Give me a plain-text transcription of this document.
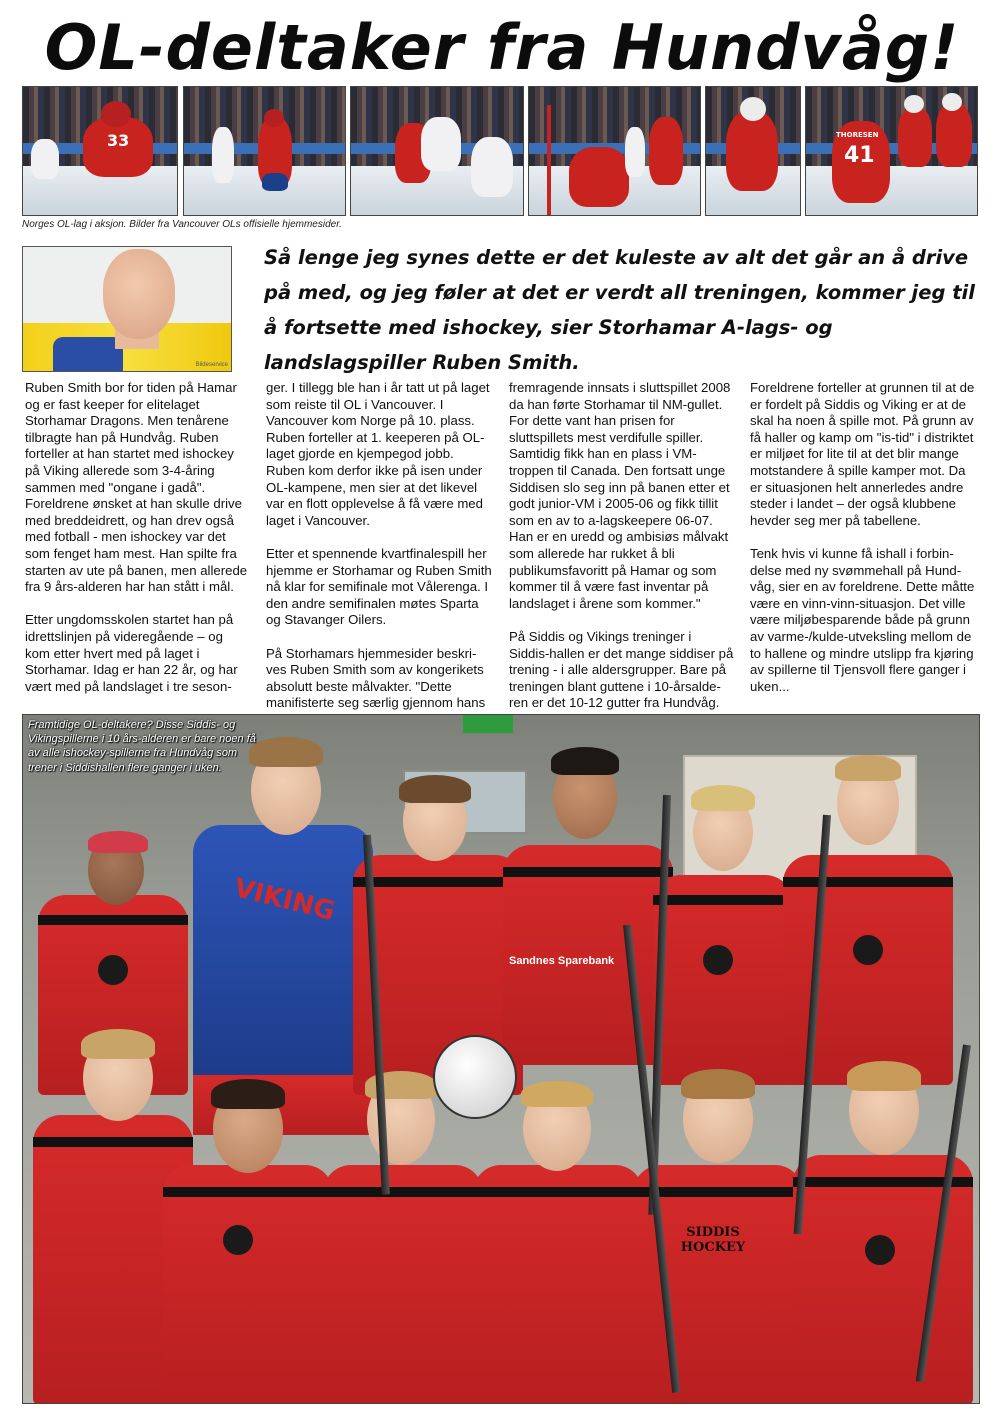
OL-deltaker fra Hundvåg!
33	THORESEN
41
Norges OL-lag i aksjon. Bilder fra Vancouver OLs offisielle hjemmesider.
Bildeservice
Så lenge jeg synes dette er det kuleste av alt det går an å drive på med, og jeg føler at det er verdt all treningen, kommer jeg til å fortsette med ishockey, sier Storhamar A-lags- og landslagspiller Ruben Smith.

Ruben Smith bor for tiden på Hamar og er fast keeper for elitelaget Storhamar Dragons. Men tenårene tilbragte han på Hundvåg. Ruben forteller at han startet med ishockey på Viking allerede som 3-4-åring sammen med "ongane i gadå". Foreldrene ønsket at han skulle drive med breddeidrett, og han drev også med fotball - men ishockey var det som fenget ham mest. Han spilte fra starten av ute på banen, men allerede fra 9 års-alderen har han stått i mål.

Etter ungdomsskolen startet han på idrettslinjen på videregående – og kom etter hvert med på laget i Storhamar. Idag er han 22 år, og har vært med på landslaget i tre seson-

ger. I tillegg ble han i år tatt ut på laget som reiste til OL i Vancouver. I Vancouver kom Norge på 10. plass. Ruben forteller at 1. keeperen på OL-laget gjorde en kjempegod jobb. Ruben kom derfor ikke på isen under OL-kampene, men sier at det likevel var en flott opplevelse å få være med laget i Vancouver.

Etter et spennende kvartfinalespill her hjemme er Storhamar og Ruben Smith nå klar for semifinale mot Vålerenga. I den andre semifinalen møtes Sparta og Stavanger Oilers.

På Storhamars hjemmesider beskri-ves Ruben Smith som av kongerikets absolutt beste målvakter. "Dette manifisterte seg særlig gjennom hans

fremragende innsats i sluttspillet 2008 da han førte Storhamar til NM-gullet. For dette vant han prisen for sluttspillets mest verdifulle spiller. Samtidig fikk han en plass i VM-troppen til Canada. Den fortsatt unge Siddisen slo seg inn på banen etter et godt junior-VM i 2005-06 og fikk tillit som en av to a-lagskeepere 06-07. Han er en uredd og ambisiøs målvakt som allerede har rukket å bli publikumsfavoritt på Hamar og som kommer til å være fast inventar på landslaget i årene som kommer."

På Siddis og Vikings treninger i Siddis-hallen er det mange siddiser på trening - i alle aldersgrupper. Bare på treningen blant guttene i 10-årsalde-ren er det 10-12 gutter fra Hundvåg.

Foreldrene forteller at grunnen til at de er fordelt på Siddis og Viking er at de skal ha noen å spille mot. På grunn av få haller og kamp om "is-tid" i distriktet er miljøet for lite til at det blir mange motstandere å spille kamper mot. Da er situasjonen helt annerledes andre steder i landet – der også klubbene hevder seg mer på tabellene.

Tenk hvis vi kunne få ishall i forbin-delse med ny svømmehall på Hund-våg, sier en av foreldrene. Dette måtte være en vinn-vinn-situasjon. Det ville være miljøbesparende både på grunn av varme-/kulde-utveksling mellom de to hallene og mindre utslipp fra kjøring av spillerne til Tjensvoll flere ganger i uken...

VIKING
Sandnes Sparebank
SIDDIS HOCKEY
Framtidige OL-deltakere? Disse Siddis- og Vikingspillerne i 10 års-alderen er bare noen få av alle ishockey-spillerne fra Hundvåg som trener i Siddishallen flere ganger i uken.
